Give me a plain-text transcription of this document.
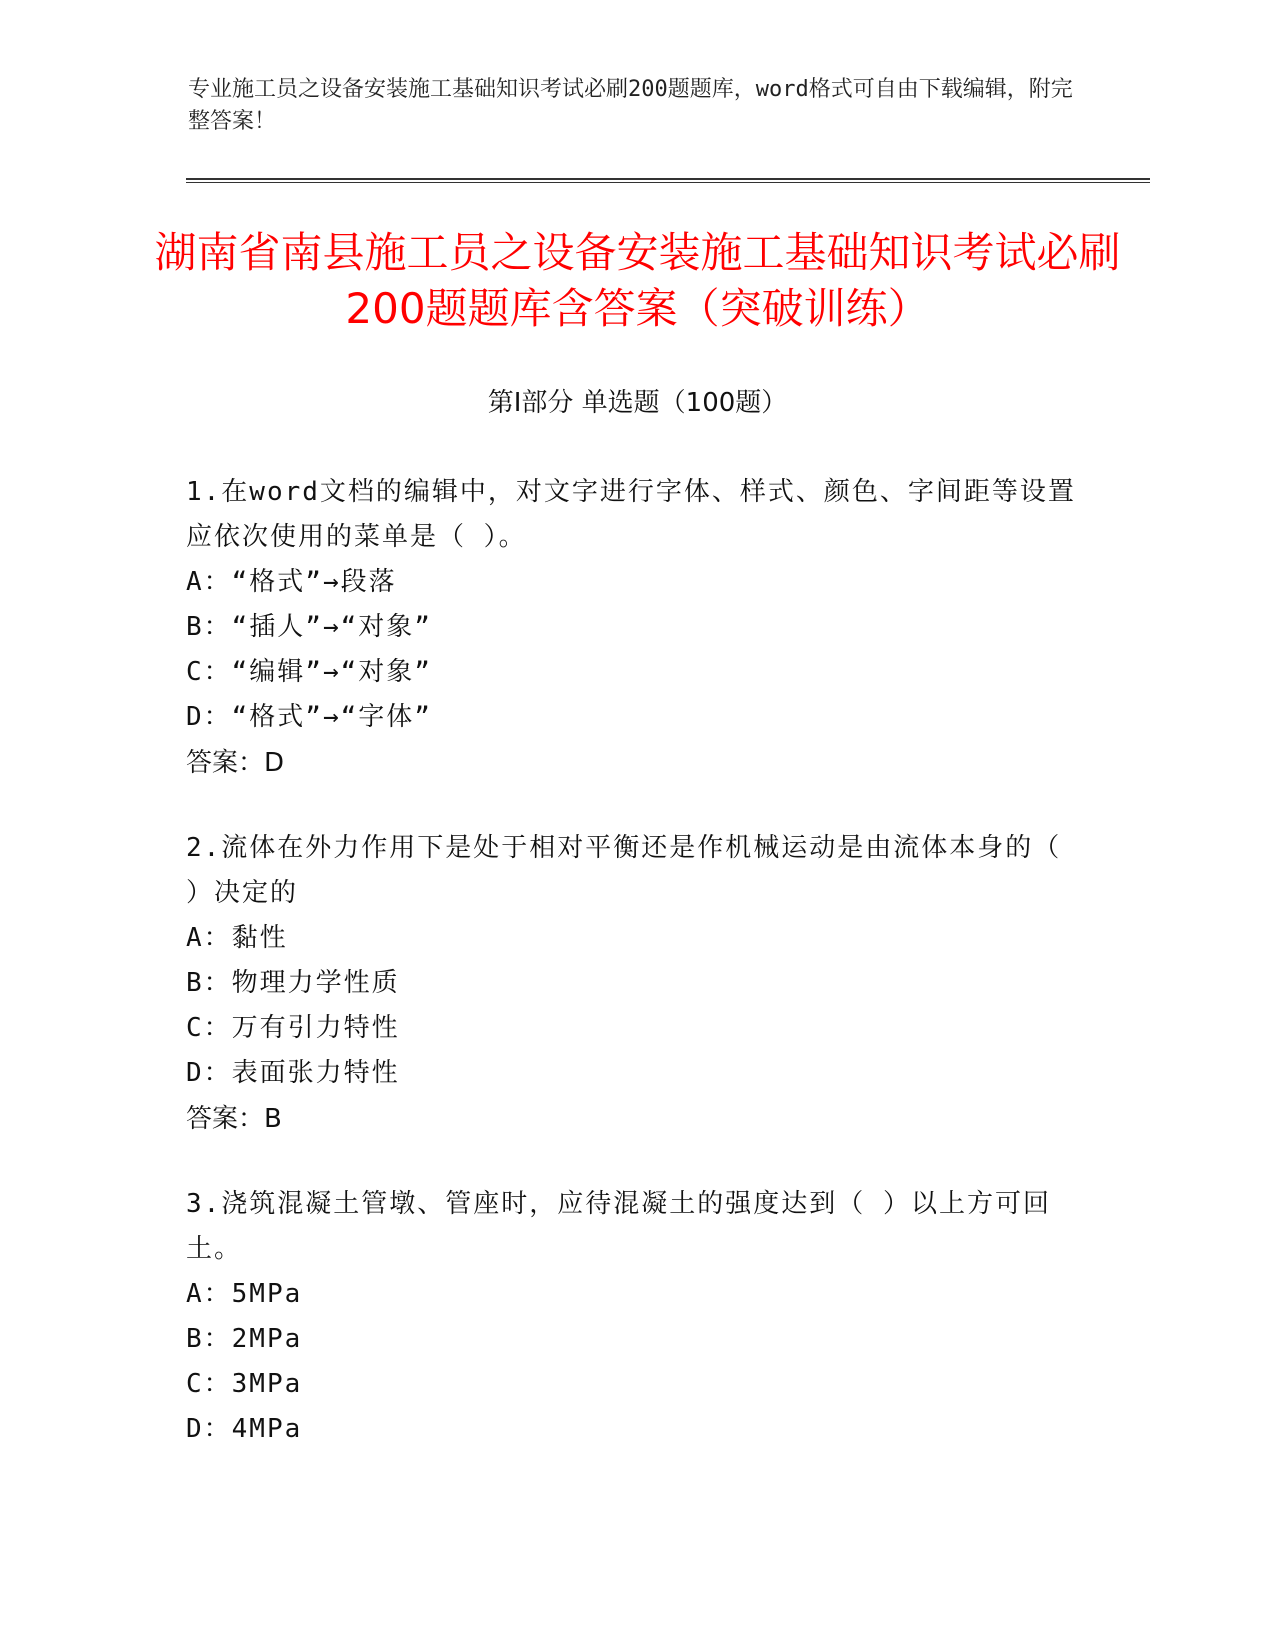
专业施工员之设备安装施工基础知识考试必刷200题题库，word格式可自由下载编辑，附完整答案！
湖南省南县施工员之设备安装施工基础知识考试必刷200题题库含答案（突破训练）
第Ⅰ部分 单选题（100题）
1.在word文档的编辑中，对文字进行字体、样式、颜色、字间距等设置应依次使用的菜单是（ ）。
A：“格式”→段落
B：“插人”→“对象”
C：“编辑”→“对象”
D：“格式”→“字体”
答案：D
2.流体在外力作用下是处于相对平衡还是作机械运动是由流体本身的（ ）决定的
A：黏性
B：物理力学性质
C：万有引力特性
D：表面张力特性
答案：B
3.浇筑混凝土管墩、管座时，应待混凝土的强度达到（ ）以上方可回土。
A：5MPa
B：2MPa
C：3MPa
D：4MPa
